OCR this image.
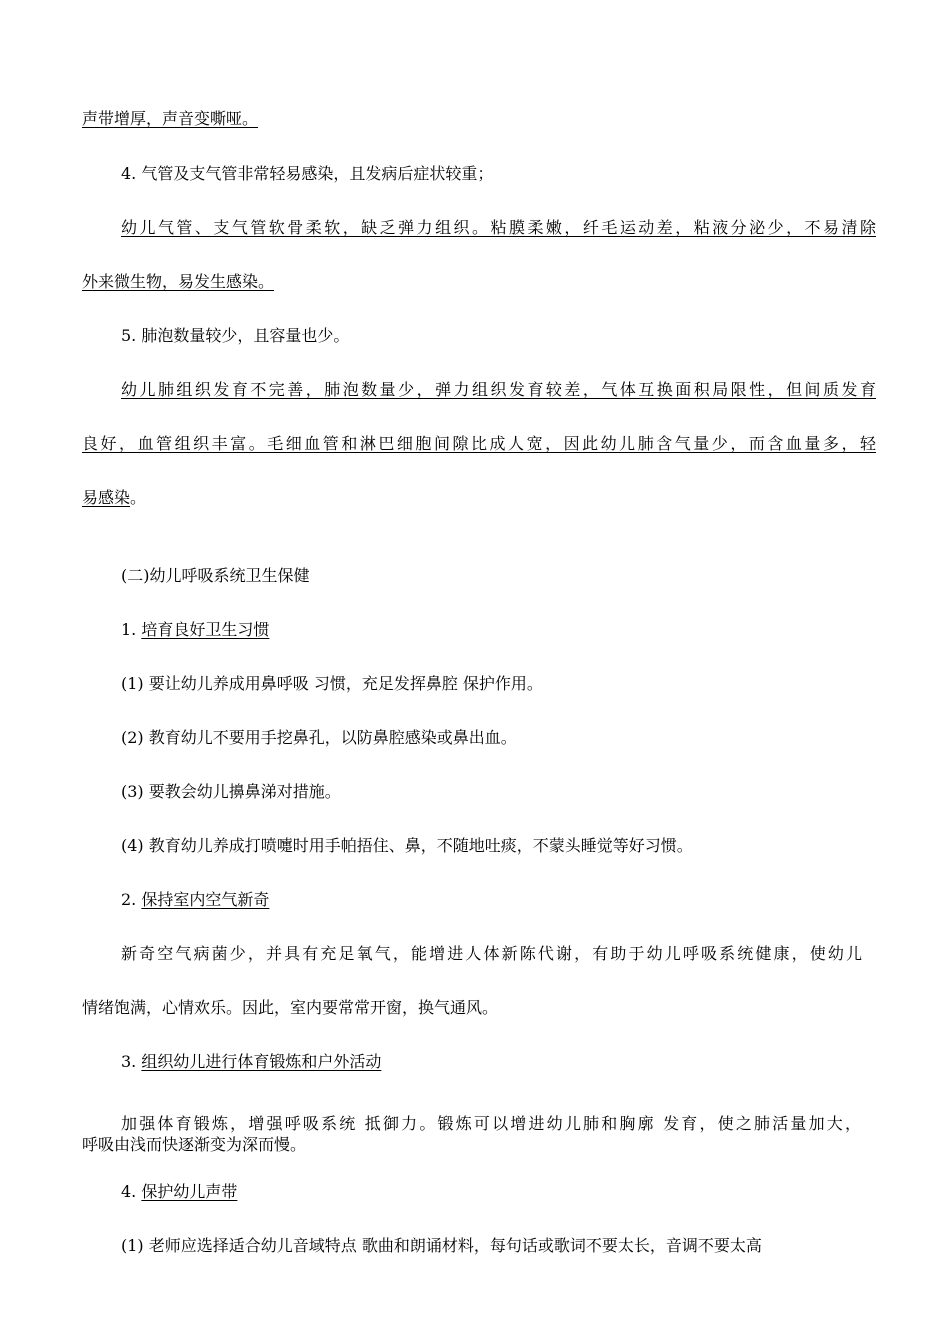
声带增厚，声音变嘶哑。
4. 气管及支气管非常轻易感染，且发病后症状较重；
幼儿气管、支气管软骨柔软，缺乏弹力组织。粘膜柔嫩，纤毛运动差，粘液分泌少，不易清除
外来微生物，易发生感染。
5. 肺泡数量较少，且容量也少。
幼儿肺组织发育不完善，肺泡数量少，弹力组织发育较差，气体互换面积局限性，但间质发育
良好，血管组织丰富。毛细血管和淋巴细胞间隙比成人宽，因此幼儿肺含气量少，而含血量多，轻
易感染。
(二)幼儿呼吸系统卫生保健
1. 培育良好卫生习惯
(1) 要让幼儿养成用鼻呼吸 习惯，充足发挥鼻腔 保护作用。
(2) 教育幼儿不要用手挖鼻孔，以防鼻腔感染或鼻出血。
(3) 要教会幼儿擤鼻涕对措施。
(4) 教育幼儿养成打喷嚏时用手帕捂住、鼻，不随地吐痰，不蒙头睡觉等好习惯。
2. 保持室内空气新奇
新奇空气病菌少，并具有充足氧气，能增进人体新陈代谢，有助于幼儿呼吸系统健康，使幼儿
情绪饱满，心情欢乐。因此，室内要常常开窗，换气通风。
3. 组织幼儿进行体育锻炼和户外活动
加强体育锻炼，增强呼吸系统 抵御力。锻炼可以增进幼儿肺和胸廓 发育，使之肺活量加大，
呼吸由浅而快逐渐变为深而慢。
4. 保护幼儿声带
(1) 老师应选择适合幼儿音域特点 歌曲和朗诵材料，每句话或歌词不要太长，音调不要太高
